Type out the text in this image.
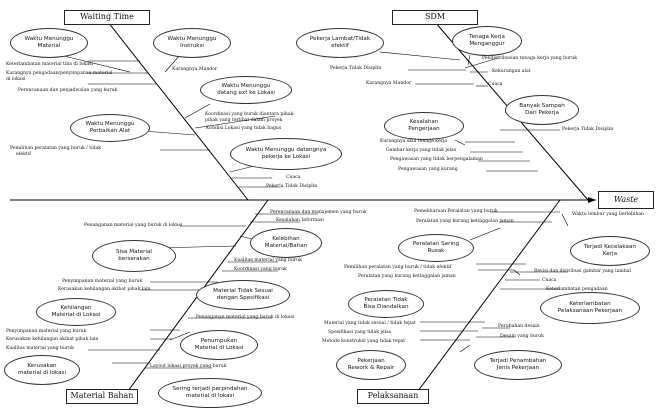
Waiting Time	SDM
Material Bahan	Pelaksanaan
Waste
Waktu Menunggu
Material
Waktu Menunggu
Instruksi
Waktu Menunggu
datang ext ke Lokasi
Waktu Menunggu
Perbaikan Alat
Waktu Menunggu datangnya
pekerja ke Lokasi
Pekerja Lambat/Tidak
efektif
Tenaga Kerja
Menganggur
Banyak Sampah
Dari Pekerja
Kesalahan
Pengerjaan
Sisa Material
berserakan
Kelebihan
Material/Bahan
Material Tidak Sesuai
dengan Spesifikasi
Kehilangan
Material di Lokasi
Penumpukan
Material di Lokasi
Kerusakan
material di lokasi
Sering terjadi perpindahan
material di lokasi
Peralatan Sering
Rusak
Terjadi Kecelakaan
Kerja
Peralatan Tidak
Bisa Diandalkan	Keterlambatan
Pelaksanaan Pekerjaan
Pekerjaan
Rework & Repair
Terjadi Penambahan
Jenis Pekerjaan
Keterlambatan material tiba di lokasi
Kurangnya pengadaan/penyimpanan material
di lokasi
Perencanaan dan penjadwalan yang buruk
Kurangnya Mandor
Koordinasi yang buruk diantara pihak-
pihak yang terlibat dalam proyek
Kondisi Lokasi yang tidak bagus
Pemilihan peralatan yang buruk / tidak
efektif
Cuaca
Pekerja Tidak Disiplin
Pendistribusian tenaga kerja yang buruk
Pekerja Tidak Disiplin
Kekurangan alat
Kurangnya Mandor	Cuaca
Pekerja Tidak Disiplin
Kurangnya skill tenaga kerja
Gambar kerja yang tidak jelas
Pengawasan yang tidak berpengalaman
Pengawasan yang kurang
Perencanaan dan manajemen yang buruk
Kesalahan Informasi
Penanganan material yang buruk di lokasi
Kualitas material yang buruk
Koordinasi yang buruk
Penyimpanan material yang buruk
Kerusakan kehilangan akibat pihak lain
Penanganan material yang buruk di lokasi
Penyimpanan material yang buruk
Kerusakan kehilangan akibat pihak lain
Kualitas material yang buruk
Layout lokasi proyek yang buruk
Pemeliharaan Peralatan yang buruk
Peralatan yang kurang ketinggalan jaman
Waktu lembur yang berlebihan
Pemilihan peralatan yang buruk / tidak efektif
Peralatan yang kurang ketinggalan jaman
Revisi dan distribusi gambar yang lambat
Cuaca
Keterlambatan pengadaan
Material yang tidak sesuai / tidak tepat
Spesifikasi yang tidak jelas
Metode konstruksi yang tidak tepat
Perubahan desain
Desain yang buruk
